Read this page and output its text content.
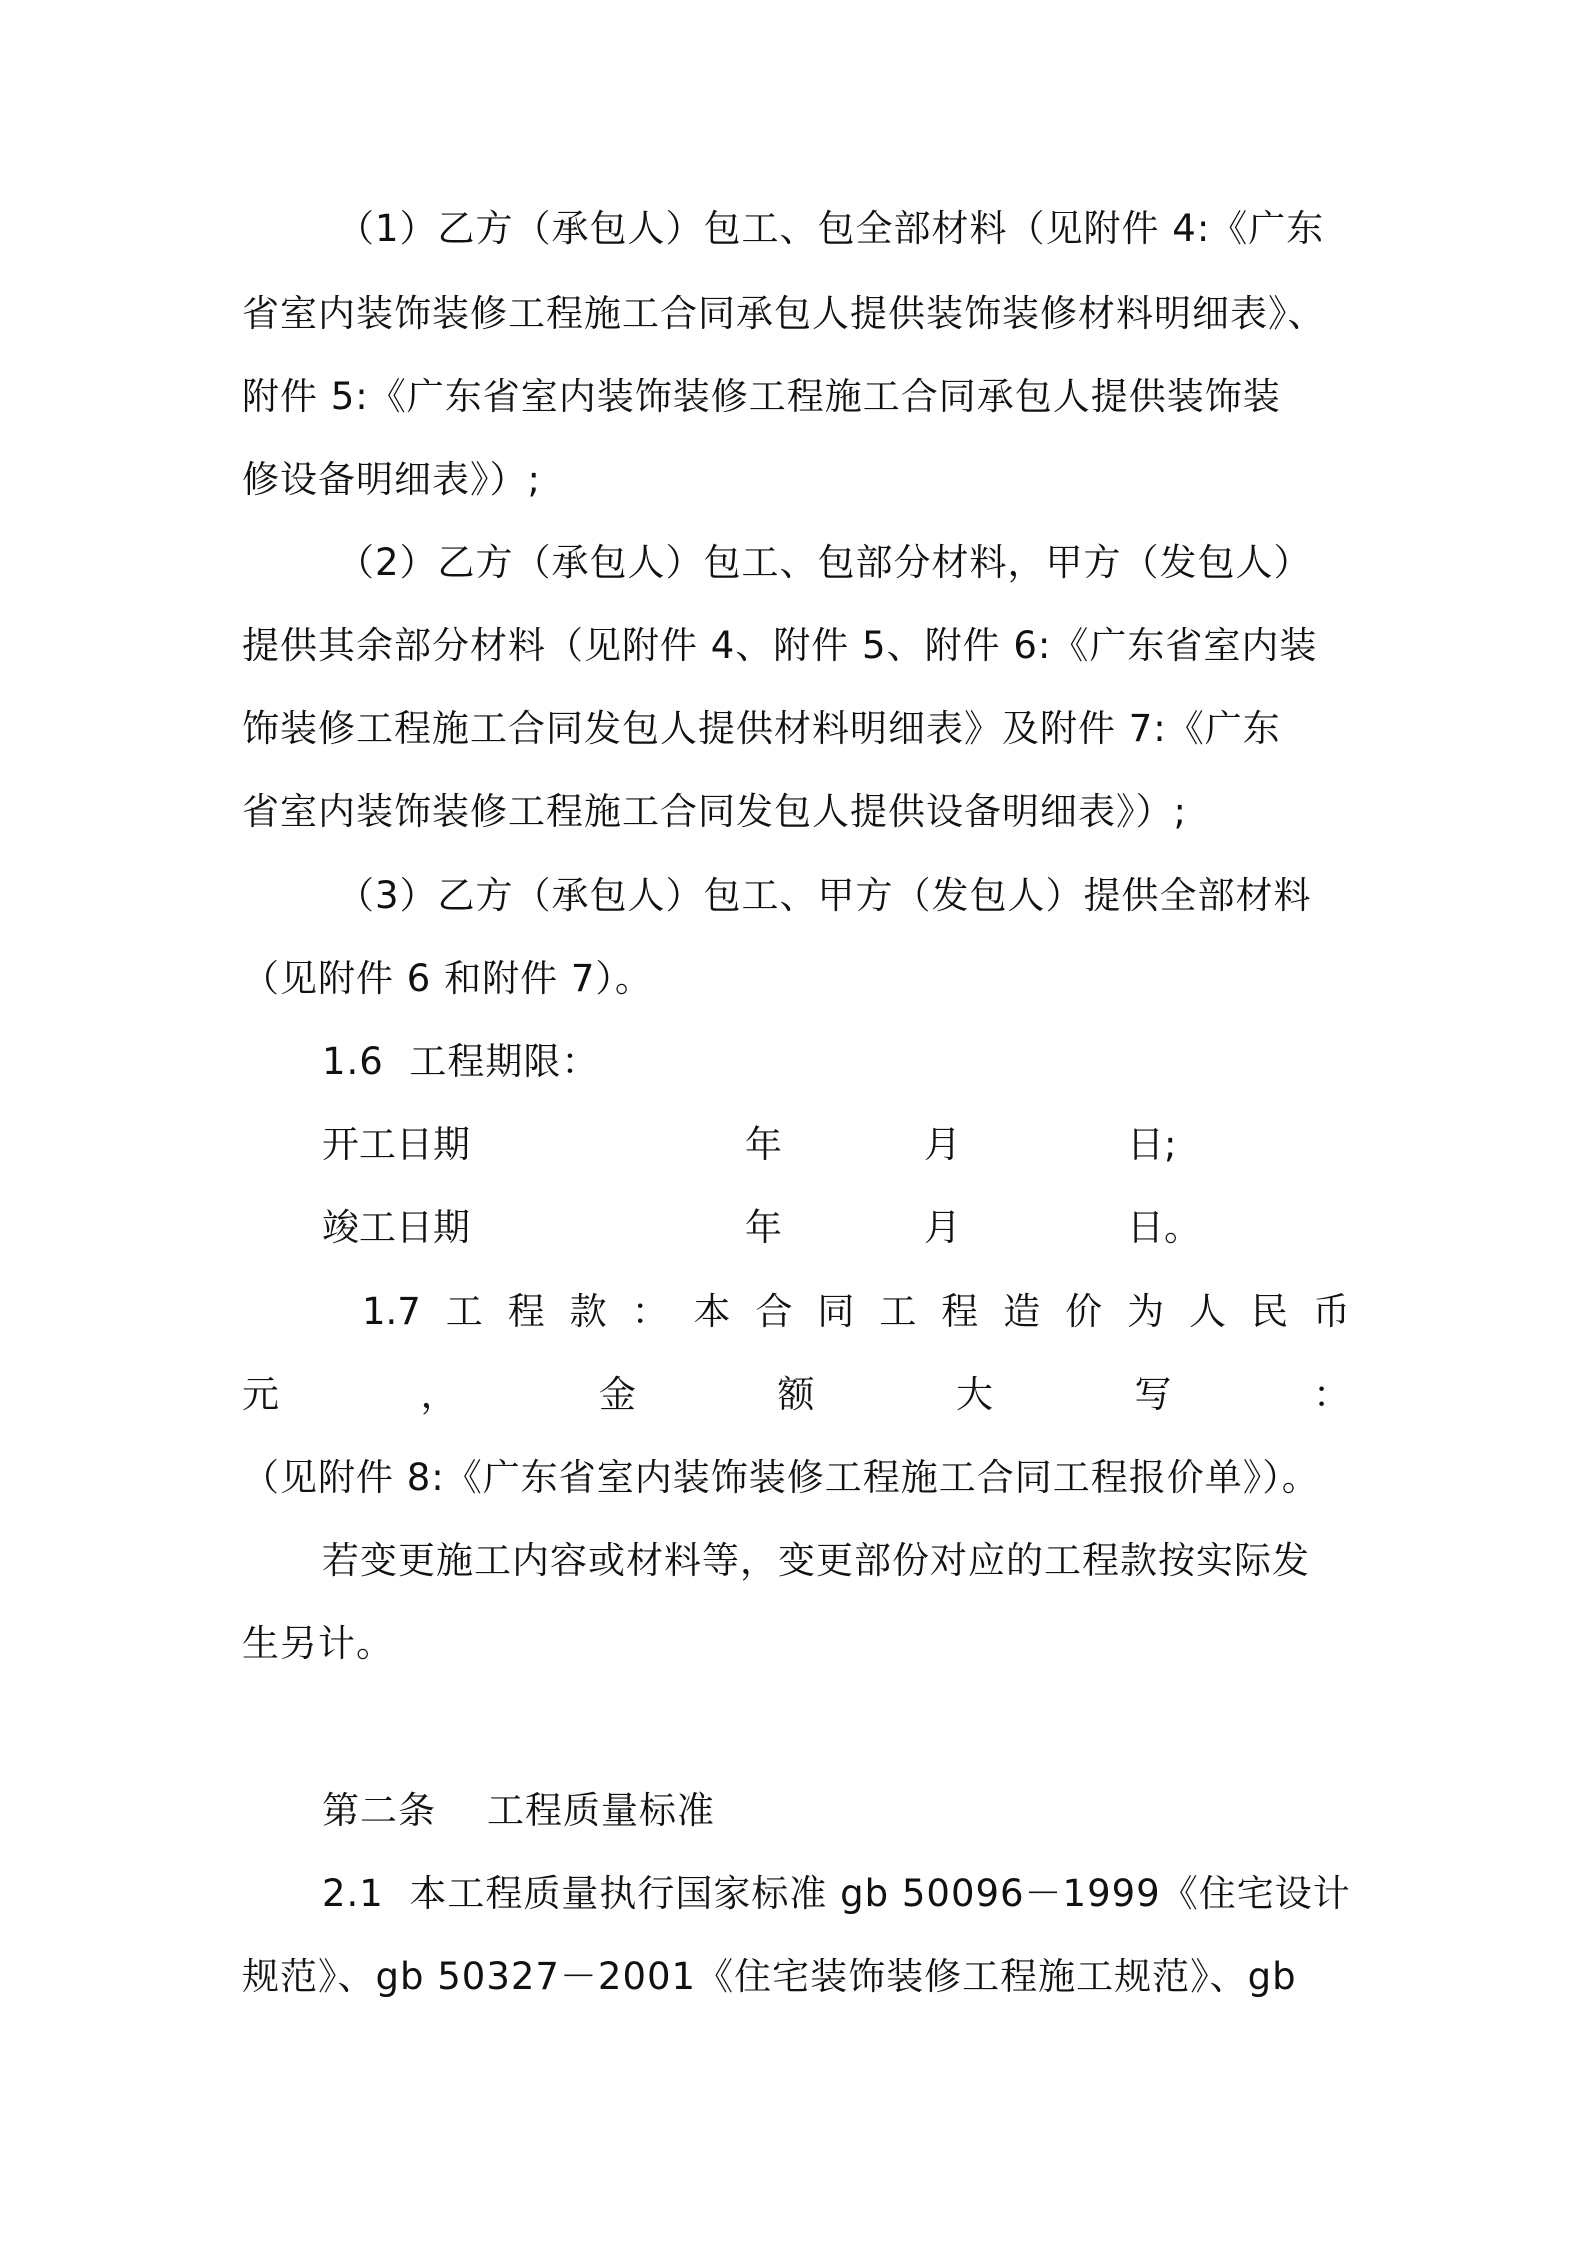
（1）乙方（承包人）包工、包全部材料（见附件 4:《广东
省室内装饰装修工程施工合同承包人提供装饰装修材料明细表》、
附件 5:《广东省室内装饰装修工程施工合同承包人提供装饰装
修设备明细表》）;
（2）乙方（承包人）包工、包部分材料，甲方（发包人）
提供其余部分材料（见附件 4、附件 5、附件 6:《广东省室内装
饰装修工程施工合同发包人提供材料明细表》及附件 7:《广东
省室内装饰装修工程施工合同发包人提供设备明细表》）;
（3）乙方（承包人）包工、甲方（发包人）提供全部材料
（见附件 6 和附件 7）。
1.6  工程期限：
开工日期	年	月	日;
竣工日期	年	月	日。
1.7 工 程 款 ： 本 合 同 工 程 造 价 为 人 民 币
元	，	金	额	大	写	：
（见附件 8:《广东省室内装饰装修工程施工合同工程报价单》）。
若变更施工内容或材料等，变更部份对应的工程款按实际发
生另计。
第二条    工程质量标准
2.1  本工程质量执行国家标准 gb 50096－1999《住宅设计
规范》、gb 50327－2001《住宅装饰装修工程施工规范》、gb
